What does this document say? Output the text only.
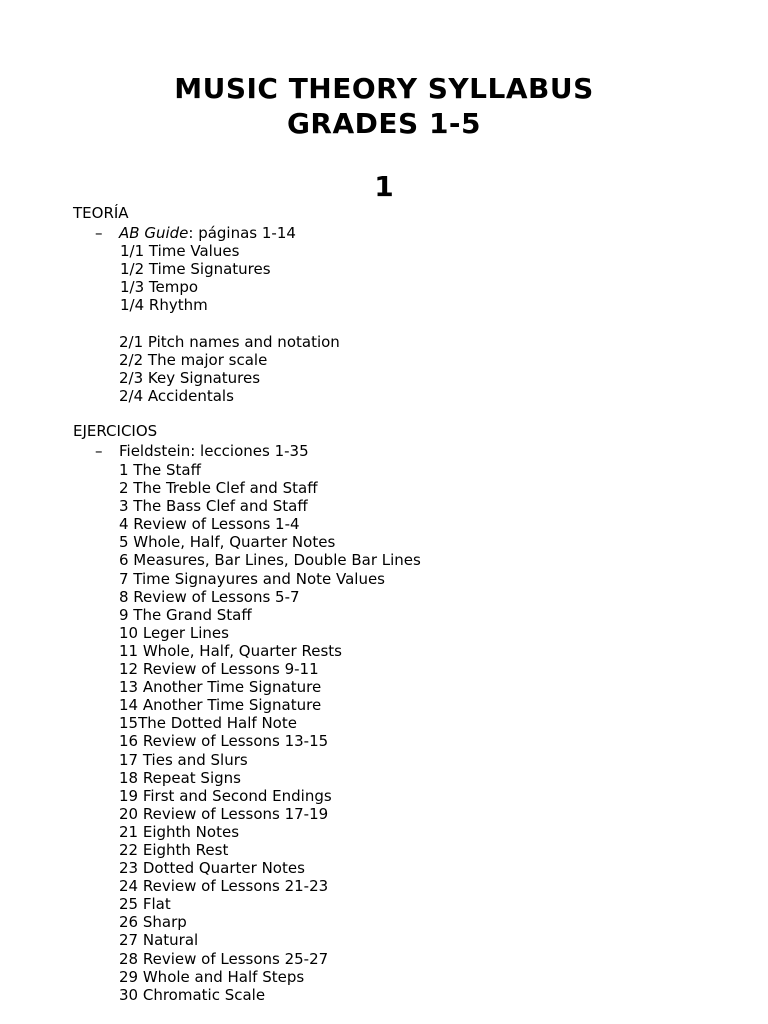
MUSIC THEORY SYLLABUS
GRADES 1-5
1
TEORÍA
– AB Guide: páginas 1-14
1/1 Time Values
1/2 Time Signatures
1/3 Tempo
1/4 Rhythm
2/1 Pitch names and notation
2/2 The major scale
2/3 Key Signatures
2/4 Accidentals
EJERCICIOS
– Fieldstein: lecciones 1-35
1 The Staff
2 The Treble Clef and Staff
3 The Bass Clef and Staff
4 Review of Lessons 1-4
5 Whole, Half, Quarter Notes
6 Measures, Bar Lines, Double Bar Lines
7 Time Signayures and Note Values
8 Review of Lessons 5-7
9 The Grand Staff
10 Leger Lines
11 Whole, Half, Quarter Rests
12 Review of Lessons 9-11
13 Another Time Signature
14 Another Time Signature
15The Dotted Half Note
16 Review of Lessons 13-15
17 Ties and Slurs
18 Repeat Signs
19 First and Second Endings
20 Review of Lessons 17-19
21 Eighth Notes
22 Eighth Rest
23 Dotted Quarter Notes
24 Review of Lessons 21-23
25 Flat
26 Sharp
27 Natural
28 Review of Lessons 25-27
29 Whole and Half Steps
30 Chromatic Scale
